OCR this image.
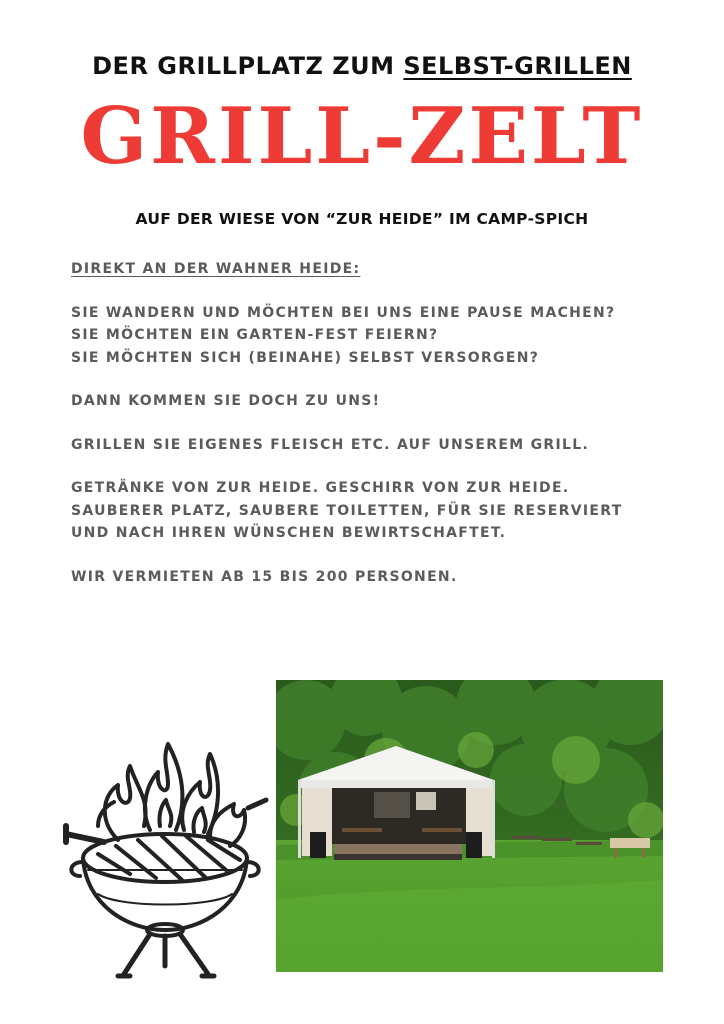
DER GRILLPLATZ ZUM SELBST-GRILLEN
GRILL-ZELT
AUF DER WIESE VON “ZUR HEIDE” IM CAMP-SPICH

DIREKT AN DER WAHNER HEIDE:

SIE WANDERN UND MÖCHTEN BEI UNS EINE PAUSE MACHEN?

SIE MÖCHTEN EIN GARTEN-FEST FEIERN?

SIE MÖCHTEN SICH (BEINAHE) SELBST VERSORGEN?

DANN KOMMEN SIE DOCH ZU UNS!

GRILLEN SIE EIGENES FLEISCH ETC. AUF UNSEREM GRILL.

GETRÄNKE VON ZUR HEIDE. GESCHIRR VON ZUR HEIDE.

SAUBERER PLATZ, SAUBERE TOILETTEN, FÜR SIE RESERVIERT

UND NACH IHREN WÜNSCHEN BEWIRTSCHAFTET.

WIR VERMIETEN AB 15 BIS 200 PERSONEN.
